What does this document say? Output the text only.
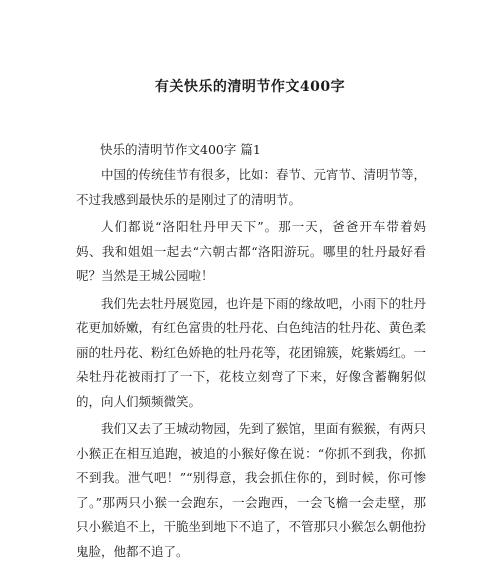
有关快乐的清明节作文400字
快乐的清明节作文400字 篇1

中国的传统佳节有很多，比如：春节、元宵节、清明节等，不过我感到最快乐的是刚过了的清明节。

人们都说“洛阳牡丹甲天下”。那一天，爸爸开车带着妈妈、我和姐姐一起去“六朝古都“洛阳游玩。哪里的牡丹最好看呢？当然是王城公园啦！

我们先去牡丹展览园，也许是下雨的缘故吧，小雨下的牡丹花更加娇嫩，有红色富贵的牡丹花、白色纯洁的牡丹花、黄色柔丽的牡丹花、粉红色娇艳的牡丹花等，花团锦簇，姹紫嫣红。一朵牡丹花被雨打了一下，花枝立刻弯了下来，好像含蓄鞠躬似的，向人们频频微笑。

我们又去了王城动物园，先到了猴馆，里面有猴猴，有两只小猴正在相互追跑，被追的小猴好像在说：“你抓不到我，你抓不到我。泄气吧！”“别得意，我会抓住你的，到时候，你可惨了。”那两只小猴一会跑东，一会跑西，一会飞檐一会走壁，那只小猴追不上，干脆坐到地下不追了，不管那只小猴怎么朝他扮鬼脸，他都不追了。
